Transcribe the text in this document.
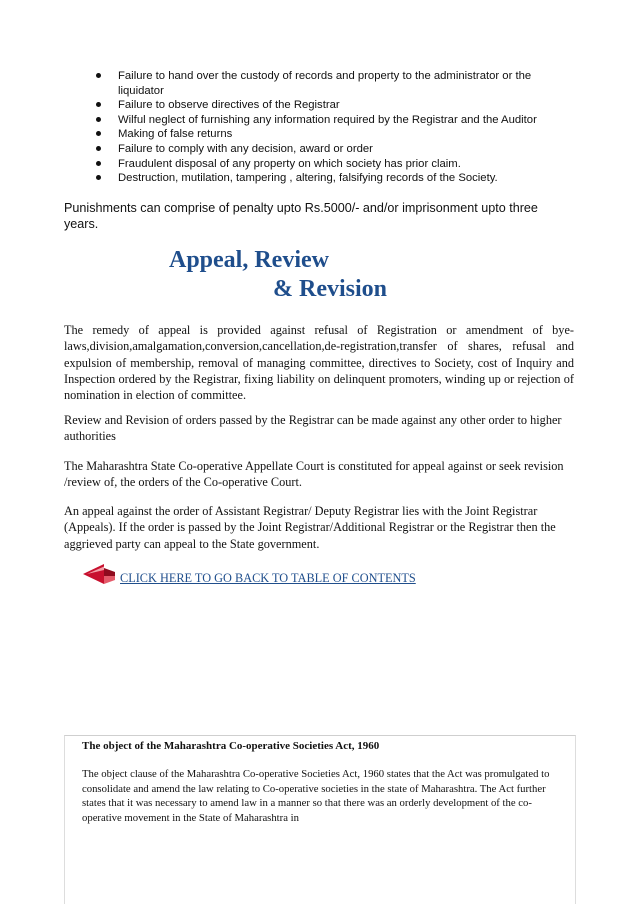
Failure to hand over the custody of records and property to the administrator or the liquidator
Failure to observe directives of the Registrar
Wilful neglect of furnishing any information required by the Registrar and the Auditor
Making of false returns
Failure to comply with any decision, award or order
Fraudulent disposal of any property on which society has prior claim.
Destruction, mutilation, tampering , altering, falsifying records of the Society.
Punishments can comprise of penalty upto Rs.5000/- and/or imprisonment upto three years.
Appeal, Review
& Revision

The remedy of appeal is provided against refusal of Registration or amendment of bye-laws,division,amalgamation,conversion,cancellation,de-registration,transfer of shares, refusal and expulsion of membership, removal of managing committee, directives to Society, cost of Inquiry and Inspection ordered by the Registrar, fixing liability on delinquent promoters, winding up or rejection of nomination in election of committee.

Review and Revision of orders passed by the Registrar can be made against any other order to higher authorities

The Maharashtra State Co-operative Appellate Court is constituted for appeal against or seek revision /review of, the orders of the Co-operative Court.

An appeal against the order of Assistant Registrar/ Deputy Registrar lies with the Joint Registrar (Appeals). If the order is passed by the Joint Registrar/Additional Registrar or the Registrar then the aggrieved party can appeal to the State government.

CLICK HERE TO GO BACK TO TABLE OF CONTENTS
The object of the Maharashtra Co-operative Societies Act, 1960

The object clause of the Maharashtra Co-operative Societies Act, 1960 states that the Act was promulgated to consolidate and amend the law relating to Co-operative societies in the state of Maharashtra. The Act further states that it was necessary to amend law in a manner so that there was an orderly development of the co-operative movement in the State of Maharashtra in
